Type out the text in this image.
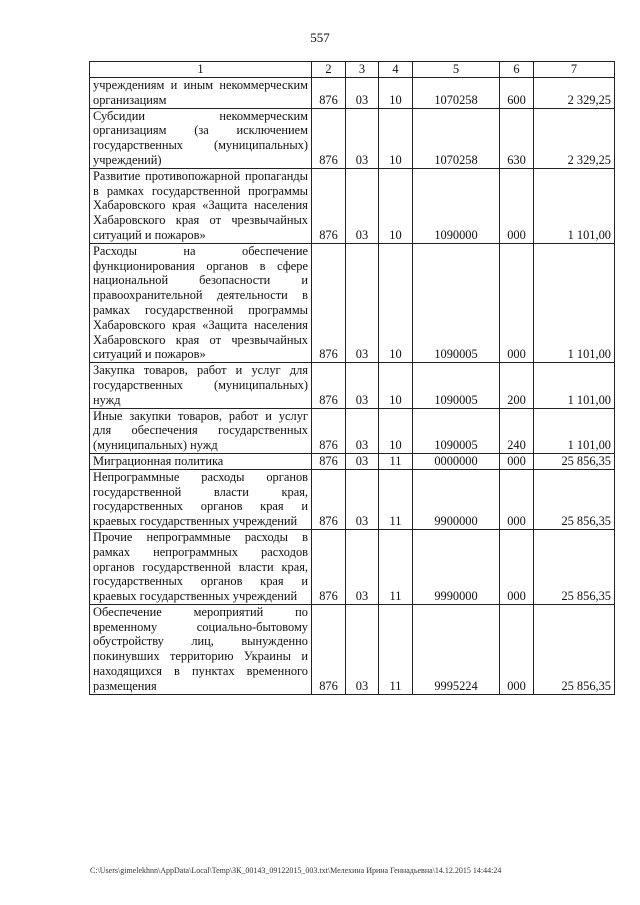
557
1	2	3	4	5	6	7
учреждениям и иным некоммерческим организациям	876	03	10	1070258	600	2 329,25
Субсидии некоммерческим организациям (за исключением государственных (муниципальных) учреждений)	876	03	10	1070258	630	2 329,25
Развитие противопожарной пропаганды в рамках государственной программы Хабаровского края «Защита населения Хабаровского края от чрезвычайных ситуаций и пожаров»	876	03	10	1090000	000	1 101,00
Расходы на обеспечение функционирования органов в сфере национальной безопасности и правоохранительной деятельности в рамках государственной программы Хабаровского края «Защита населения Хабаровского края от чрезвычайных ситуаций и пожаров»	876	03	10	1090005	000	1 101,00
Закупка товаров, работ и услуг для государственных (муниципальных) нужд	876	03	10	1090005	200	1 101,00
Иные закупки товаров, работ и услуг для обеспечения государственных (муниципальных) нужд	876	03	10	1090005	240	1 101,00
Миграционная политика	876	03	11	0000000	000	25 856,35
Непрограммные расходы органов государственной власти края, государственных органов края и краевых государственных учреждений	876	03	11	9900000	000	25 856,35
Прочие непрограммные расходы в рамках непрограммных расходов органов государственной власти края, государственных органов края и краевых государственных учреждений	876	03	11	9990000	000	25 856,35
Обеспечение мероприятий по временному социально-бытовому обустройству лиц, вынужденно покинувших территорию Украины и находящихся в пунктах временного размещения	876	03	11	9995224	000	25 856,35
C:\Users\gimelekhnn\AppData\Local\Temp\ЗК_00143_09122015_003.txt\Мелехина Ирина Геннадьевна\14.12.2015 14:44:24
